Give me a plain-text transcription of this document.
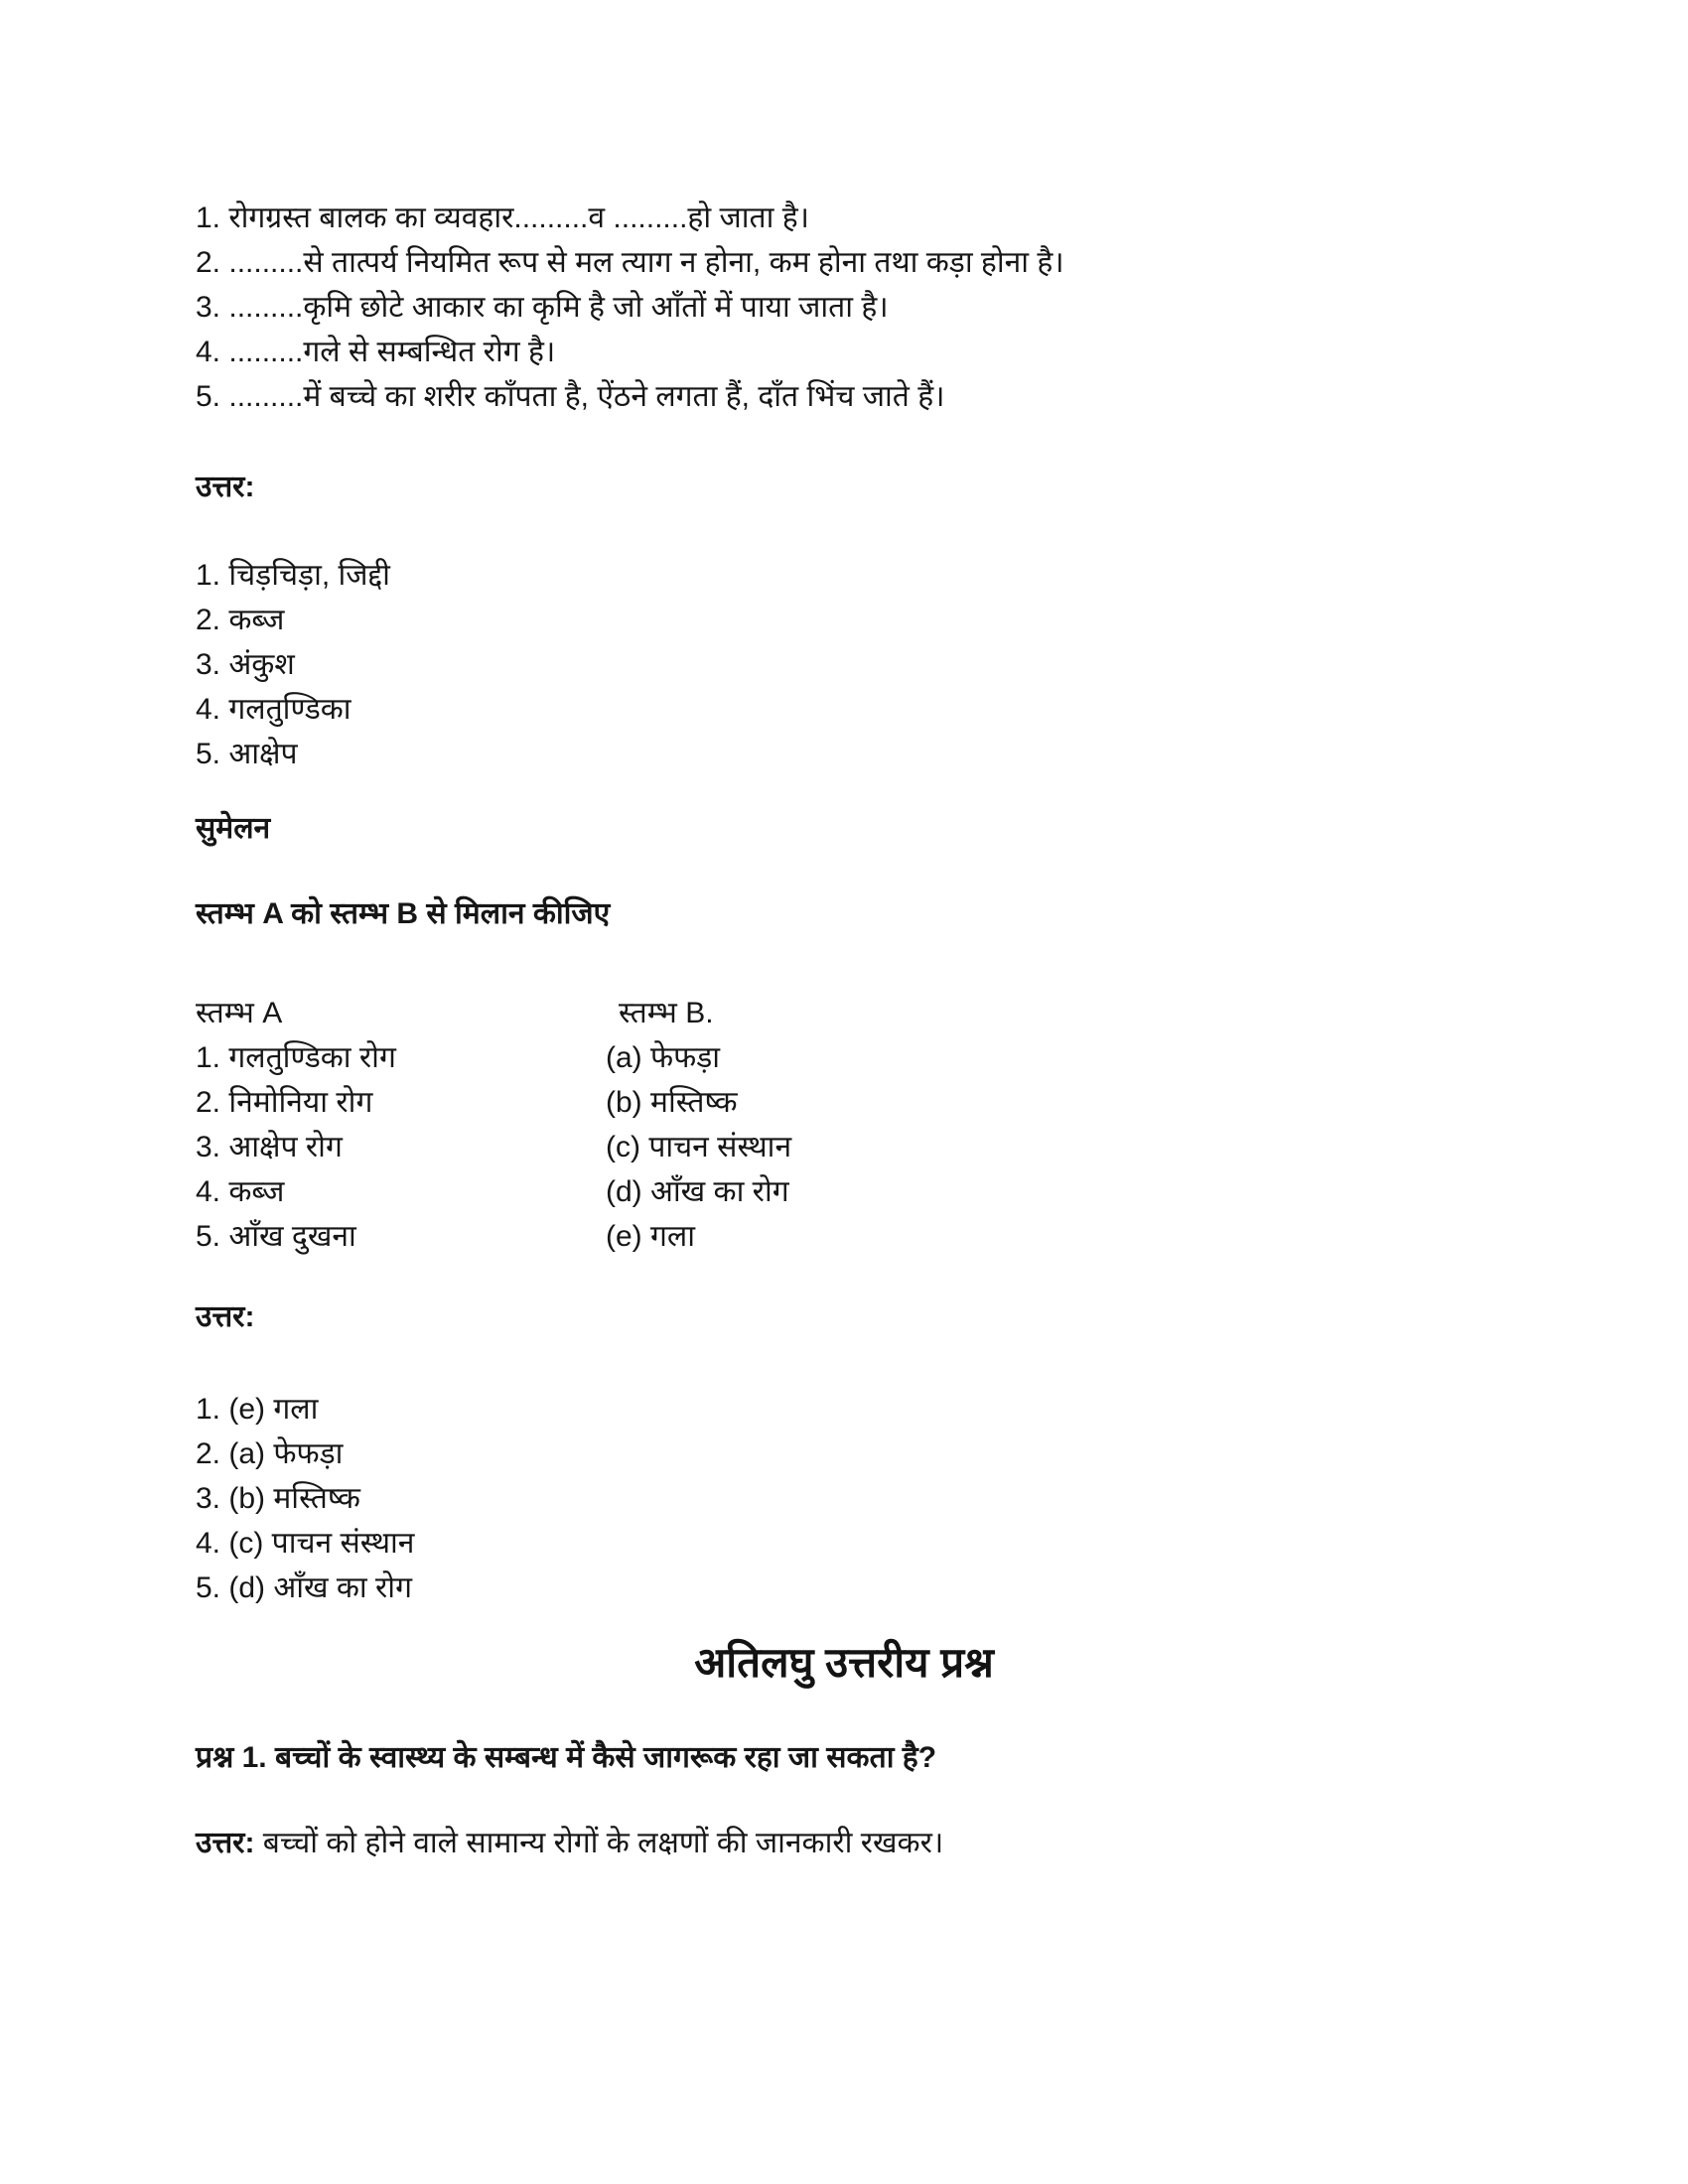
1. रोगग्रस्त बालक का व्यवहार.........व .........हो जाता है।
2. .........से तात्पर्य नियमित रूप से मल त्याग न होना, कम होना तथा कड़ा होना है।
3. .........कृमि छोटे आकार का कृमि है जो आँतों में पाया जाता है।
4. .........गले से सम्बन्धित रोग है।
5. .........में बच्चे का शरीर काँपता है, ऐंठने लगता हैं, दाँत भिंच जाते हैं।
उत्तर:
1. चिड़चिड़ा, जिद्दी
2. कब्ज
3. अंकुश
4. गलतुण्डिका
5. आक्षेप
सुमेलन
स्तम्भ A को स्तम्भ B से मिलान कीजिए
स्तम्भ A	स्तम्भ B.
1. गलतुण्डिका रोग	(a) फेफड़ा
2. निमोनिया रोग	(b) मस्तिष्क
3. आक्षेप रोग	(c) पाचन संस्थान
4. कब्ज	(d) आँख का रोग
5. आँख दुखना	(e) गला
उत्तर:
1. (e) गला
2. (a) फेफड़ा
3. (b) मस्तिष्क
4. (c) पाचन संस्थान
5. (d) आँख का रोग
अतिलघु उत्तरीय प्रश्न
प्रश्न 1. बच्चों के स्वास्थ्य के सम्बन्ध में कैसे जागरूक रहा जा सकता है?
उत्तर: बच्चों को होने वाले सामान्य रोगों के लक्षणों की जानकारी रखकर।
